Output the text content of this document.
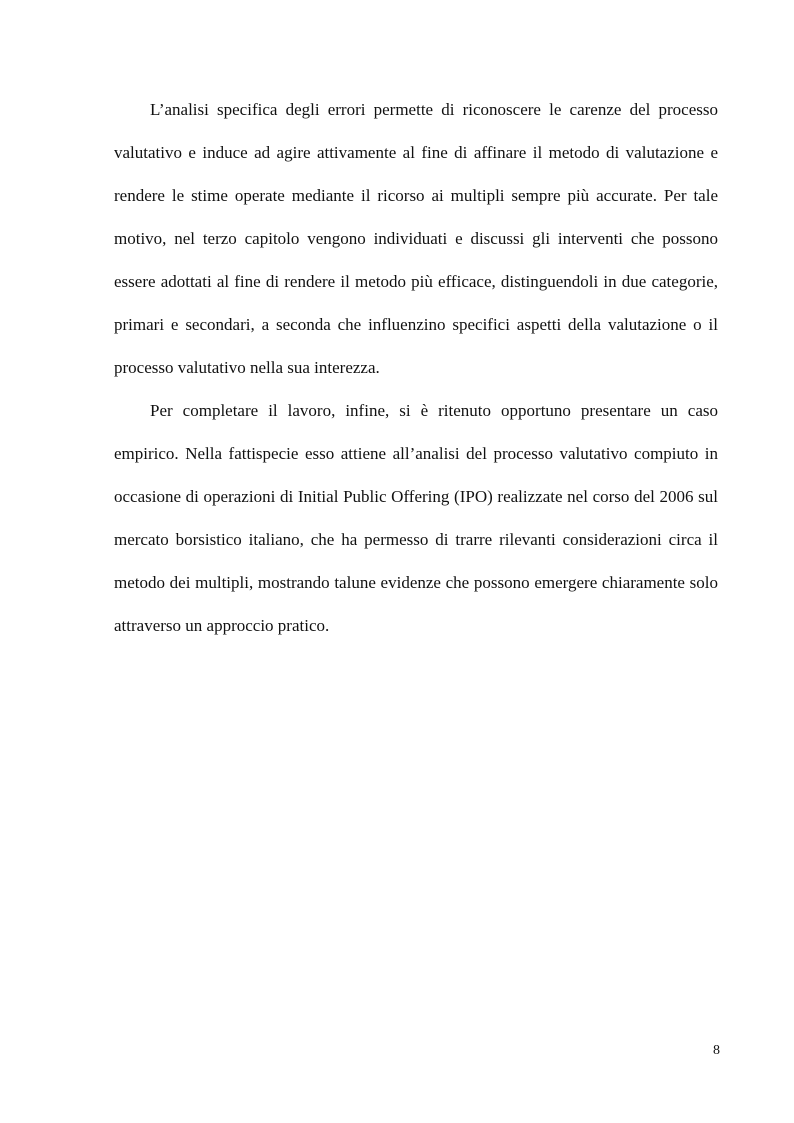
L’analisi specifica degli errori permette di riconoscere le carenze del processo valutativo e induce ad agire attivamente al fine di affinare il metodo di valutazione e rendere le stime operate mediante il ricorso ai multipli sempre più accurate. Per tale motivo, nel terzo capitolo vengono individuati e discussi gli interventi che possono essere adottati al fine di rendere il metodo più efficace, distinguendoli in due categorie, primari e secondari, a seconda che influenzino specifici aspetti della valutazione o il processo valutativo nella sua interezza.

Per completare il lavoro, infine, si è ritenuto opportuno presentare un caso empirico. Nella fattispecie esso attiene all’analisi del processo valutativo compiuto in occasione di operazioni di Initial Public Offering (IPO) realizzate nel corso del 2006 sul mercato borsistico italiano, che ha permesso di trarre rilevanti considerazioni circa il metodo dei multipli, mostrando talune evidenze che possono emergere chiaramente solo attraverso un approccio pratico.

8
